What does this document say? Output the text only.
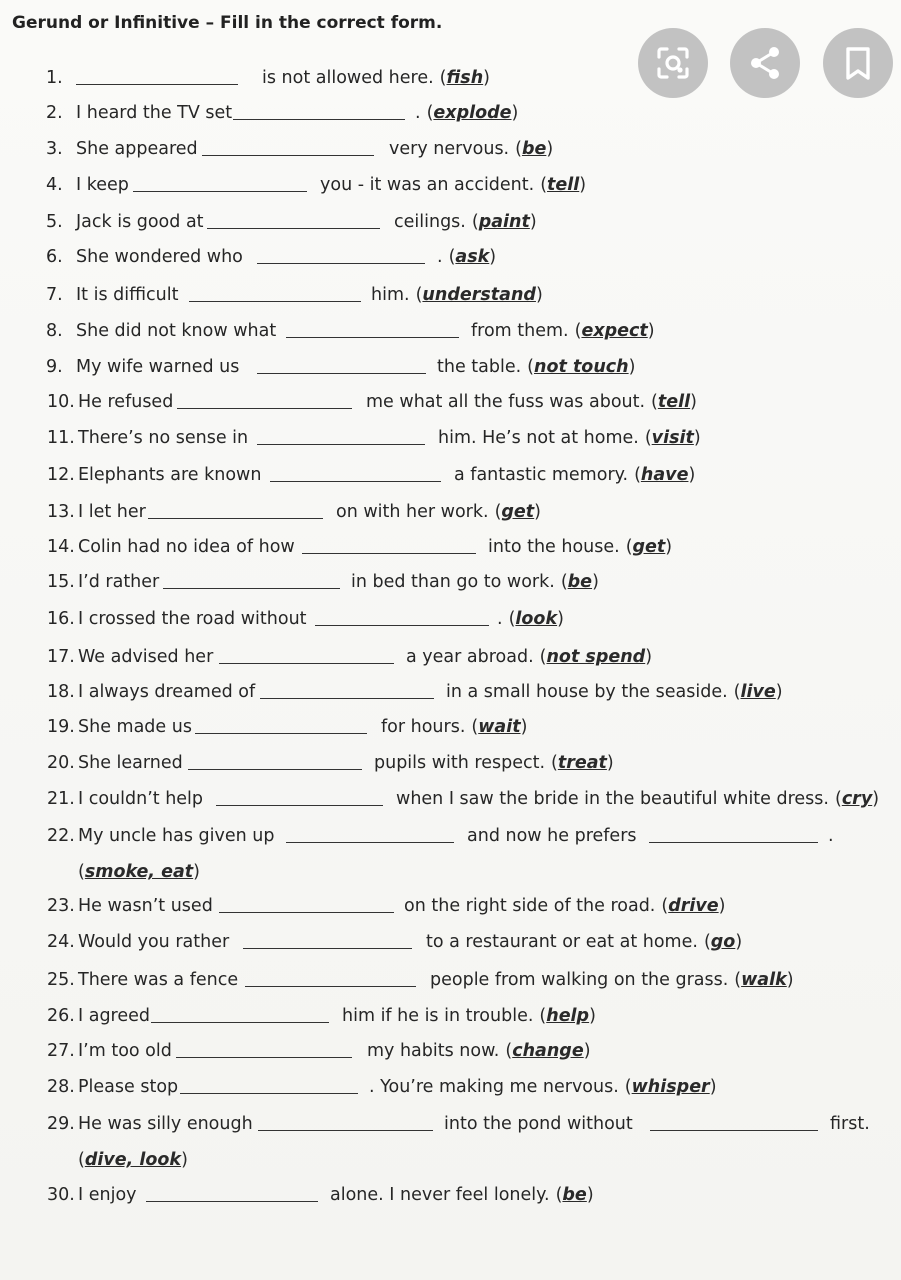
Gerund or Infinitive – Fill in the correct form.
1.	is not allowed here. (fish)
2. I heard the TV set	. (explode)
3. She appeared	very nervous. (be)
4. I keep	you - it was an accident. (tell)
5. Jack is good at	ceilings. (paint)
6. She wondered who	. (ask)
7. It is difficult	him. (understand)
8. She did not know what	from them. (expect)
9. My wife warned us	the table. (not touch)
10. He refused	me what all the fuss was about. (tell)
11. There’s no sense in	him. He’s not at home. (visit)
12. Elephants are known	a fantastic memory. (have)
13. I let her	on with her work. (get)
14. Colin had no idea of how	into the house. (get)
15. I’d rather	in bed than go to work. (be)
16. I crossed the road without	. (look)
17. We advised her	a year abroad. (not spend)
18. I always dreamed of	in a small house by the seaside. (live)
19. She made us	for hours. (wait)
20. She learned	pupils with respect. (treat)
21. I couldn’t help	when I saw the bride in the beautiful white dress. (cry)
22. My uncle has given up	and now he prefers	.
(smoke, eat)
23. He wasn’t used	on the right side of the road. (drive)
24. Would you rather	to a restaurant or eat at home. (go)
25. There was a fence	people from walking on the grass. (walk)
26. I agreed	him if he is in trouble. (help)
27. I’m too old	my habits now. (change)
28. Please stop	. You’re making me nervous. (whisper)
29. He was silly enough	into the pond without	first.
(dive, look)
30. I enjoy	alone. I never feel lonely. (be)
